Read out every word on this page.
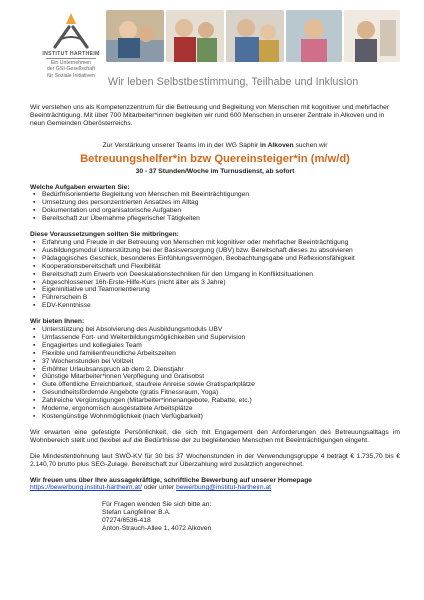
INSTITUT HARTHEIM
Ein Unternehmen
der GSI-Gesellschaft
für Soziale Initiativen
Wir leben Selbstbestimmung, Teilhabe und Inklusion

Wir verstehen uns als Kompetenzzentrum für die Betreuung und Begleitung von Menschen mit kognitiver und mehrfacher Beeinträchtigung. Mit über 700 Mitarbeiter*innen begleiten wir rund 600 Menschen in unserer Zentrale in Alkoven und in neun Gemeinden Oberösterreichs.

Zur Verstärkung unserer Teams im in der WG Saphir in Alkoven suchen wir

Betreuungshelfer*in bzw Quereinsteiger*in (m/w/d)

30 - 37 Stunden/Woche im Turnusdienst, ab sofort

Welche Aufgaben erwarten Sie:

▪ Bedürfnisorientierte Begleitung von Menschen mit Beeinträchtigungen
▪ Umsetzung des personzentrierten Ansatzes im Alltag
▪ Dokumentation und organisatorische Aufgaben
▪ Bereitschaft zur Übernahme pflegerischer Tätigkeiten

Diese Voraussetzungen sollten Sie mitbringen:

▪ Erfahrung und Freude in der Betreuung von Menschen mit kognitiver oder mehrfacher Beeinträchtigung
▪ Ausbildungsmodul Unterstützung bei der Basisversorgung (UBV) bzw. Bereitschaft dieses zu absolvieren
▪ Pädagogisches Geschick, besonderes Einfühlungsvermögen, Beobachtungsgabe und Reflexionsfähigkeit
▪ Kooperationsbereitschaft und Flexibilität
▪ Bereitschaft zum Erwerb von Deeskalationstechniken für den Umgang in Konfliktsituationen
▪ Abgeschlossener 16h-Erste-Hilfe-Kurs (nicht älter als 3 Jahre)
▪ Eigeninitiative und Teamorientierung
▪ Führerschein B
▪ EDV-Kenntnisse

Wir bieten Ihnen:

▪ Unterstützung bei Absolvierung des Ausbildungsmoduls UBV
▪ Umfassende Fort- und Weiterbildungsmöglichkeiten und Supervision
▪ Engagiertes und kollegiales Team
▪ Flexible und familienfreundliche Arbeitszeiten
▪ 37 Wochenstunden bei Vollzeit
▪ Erhöhter Urlaubsanspruch ab dem 2. Dienstjahr
▪ Günstige Mitarbeiter*innen Verpflegung und Gratisobst
▪ Gute öffentliche Erreichbarkeit, staufreie Anreise sowie Gratisparkplätze
▪ Gesundheitsfördernde Angebote (gratis Fitnessraum, Yoga)
▪ Zahlreiche Vergünstigungen (Mitarbeiter*innenangebote, Rabatte, etc.)
▪ Moderne, ergonomisch ausgestattete Arbeitsplätze
▪ Kostengünstige Wohnmöglichkeit (nach Verfügbarkeit)

Wir erwarten eine gefestigte Persönlichkeit, die sich mit Engagement den Anforderungen des Betreuungsalltags im Wohnbereich stellt und flexibel auf die Bedürfnisse der zu begleitenden Menschen mit Beeinträchtigungen eingeht.

Die Mindestentlohnung laut SWÖ-KV für 30 bis 37 Wochenstunden in der Verwendungsgruppe 4 beträgt € 1.735,70 bis € 2.140,70 brutto plus SEG-Zulage. Bereitschaft zur Überzahlung wird zusätzlich angerechnet.

Wir freuen uns über Ihre aussagekräftige, schriftliche Bewerbung auf unserer Homepage

https://bewerbung.institut-hartheim.at/ oder unter bewerbung@institut-hartheim.at

Für Fragen wenden Sie sich bitte an:

Stefan Langfellner B.A.

07274/6536-418

Anton-Strauch-Allee 1, 4072 Alkoven
